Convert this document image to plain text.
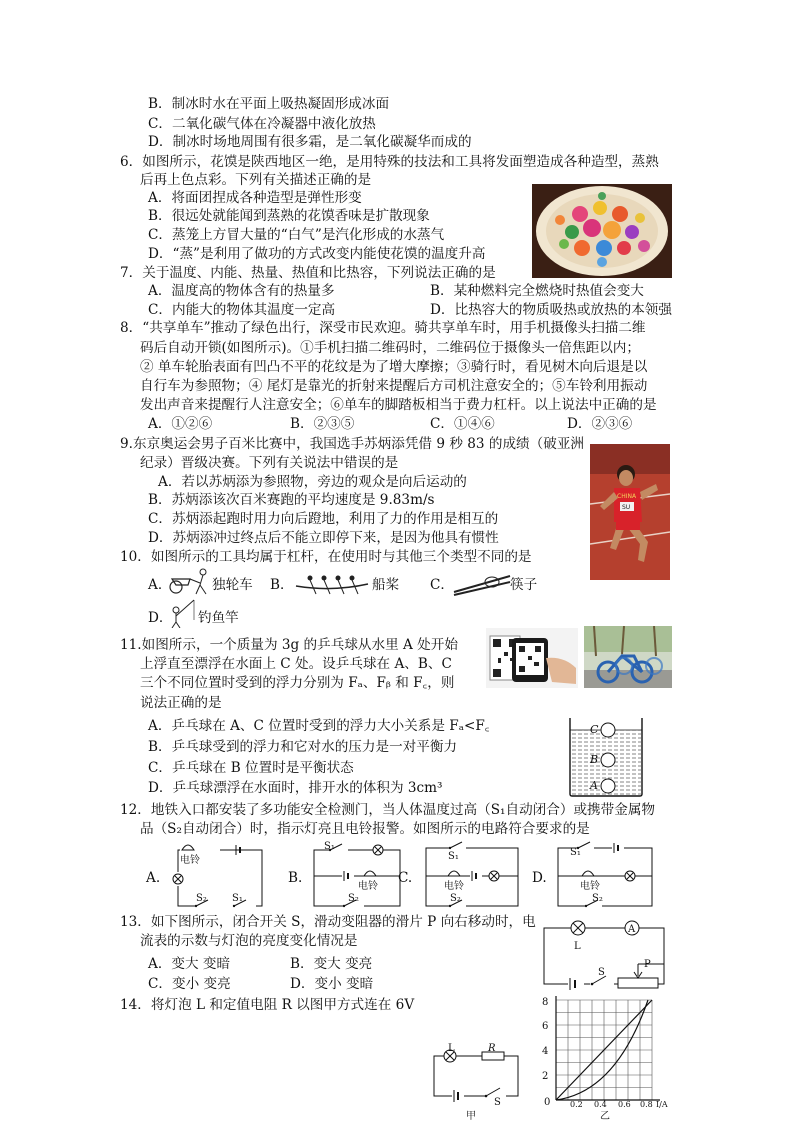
B．制冰时水在平面上吸热凝固形成冰面
C．二氧化碳气体在冷凝器中液化放热
D．制冰时场地周围有很多霜，是二氧化碳凝华而成的
6．如图所示，花馍是陕西地区一绝，是用特殊的技法和工具将发面塑造成各种造型，蒸熟
后再上色点彩。下列有关描述正确的是
A．将面团捏成各种造型是弹性形变
B．很远处就能闻到蒸熟的花馍香味是扩散现象
C．蒸笼上方冒大量的“白气”是汽化形成的水蒸气
D．“蒸”是利用了做功的方式改变内能使花馍的温度升高
7．关于温度、内能、热量、热值和比热容，下列说法正确的是
A．温度高的物体含有的热量多	B．某种燃料完全燃烧时热值会变大
C．内能大的物体其温度一定高	D．比热容大的物质吸热或放热的本领强
8．“共享单车”推动了绿色出行，深受市民欢迎。骑共享单车时，用手机摄像头扫描二维
码后自动开锁(如图所示)。①手机扫描二维码时，二维码位于摄像头一倍焦距以内；
② 单车轮胎表面有凹凸不平的花纹是为了增大摩擦；③骑行时，看见树木向后退是以
自行车为参照物；④ 尾灯是靠光的折射来提醒后方司机注意安全的；⑤车铃利用振动
发出声音来提醒行人注意安全；⑥单车的脚踏板相当于费力杠杆。以上说法中正确的是
A．①②⑥	B．②③⑤	C．①④⑥	D．②③⑥
9.东京奥运会男子百米比赛中，我国选手苏炳添凭借 9 秒 83 的成绩（破亚洲
纪录）晋级决赛。下列有关说法中错误的是
A．若以苏炳添为参照物，旁边的观众是向后运动的
B．苏炳添该次百米赛跑的平均速度是 9.83m/s
C．苏炳添起跑时用力向后蹬地，利用了力的作用是相互的
D．苏炳添冲过终点后不能立即停下来，是因为他具有惯性
CHINA
SU
10．如图所示的工具均属于杠杆，在使用时与其他三个类型不同的是
A．	独轮车 B．	船桨 C．	筷子
D． 钓鱼竿
11.如图所示，一个质量为 3g 的乒乓球从水里 A 处开始
上浮直至漂浮在水面上 C 处。设乒乓球在 A、B、C
三个不同位置时受到的浮力分别为 Fₐ、Fᵦ 和 F꜀，则
说法正确的是
A．乒乓球在 A、C 位置时受到的浮力大小关系是 Fₐ<F꜀
B．乒乓球受到的浮力和它对水的压力是一对平衡力
C．乒乓球在 B 位置时是平衡状态
D．乒乓球漂浮在水面时，排开水的体积为 3cm³
C
B
A
12．地铁入口都安装了多功能安全检测门，当人体温度过高（S₁自动闭合）或携带金属物
品（S₂自动闭合）时，指示灯亮且电铃报警。如图所示的电路符合要求的是
A.
电铃
S₂	S₁
B.
S₁
电铃
S₂
C.
S₁
电铃
S₂
D.
S₁
电铃
S₂
13．如下图所示，闭合开关 S，滑动变阻器的滑片 P 向右移动时，电
流表的示数与灯泡的亮度变化情况是
A．变大 变暗	B．变大 变亮
C．变小 变亮	D．变小 变暗
L
A
S
P
14．将灯泡 L 和定值电阻 R 以图甲方式连在 6V
L	R
S
甲
8
6
4
2
0 0.2 0.4 0.6 0.8 I/A
乙
